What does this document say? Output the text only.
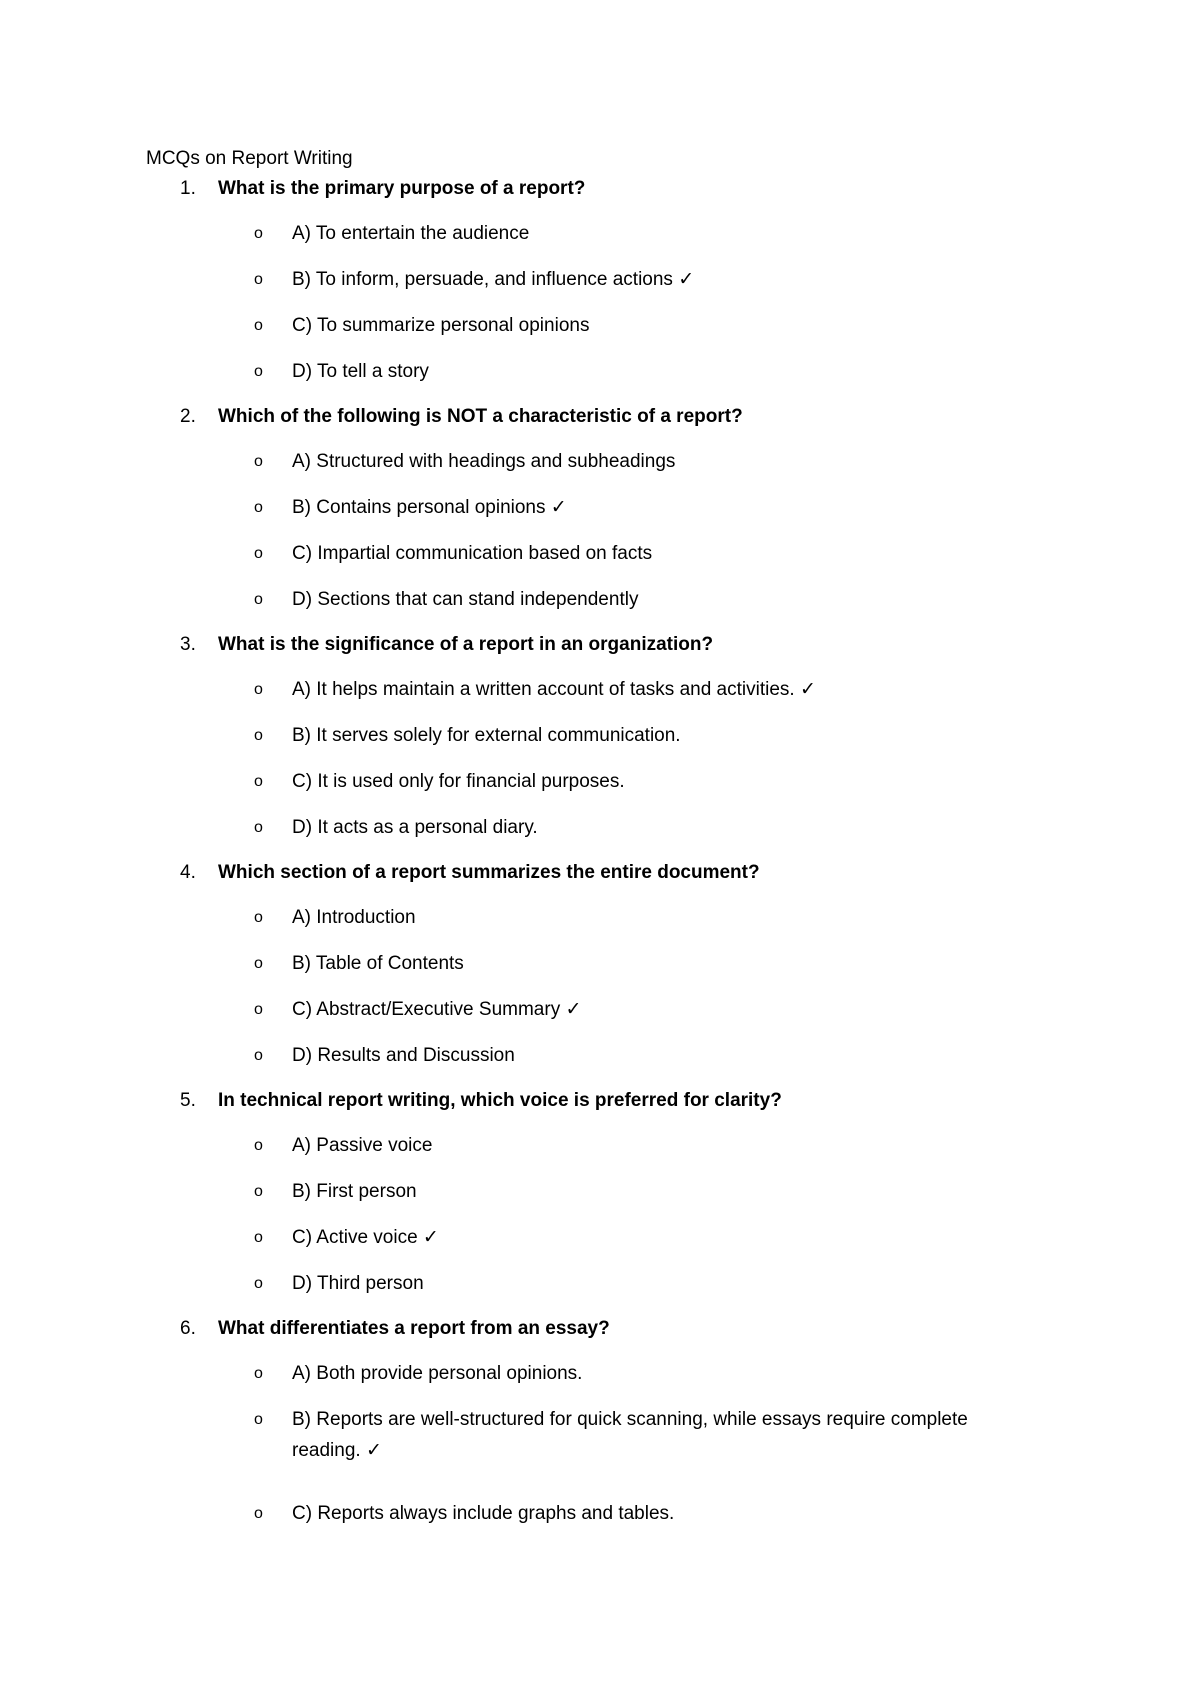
MCQs on Report Writing
1. What is the primary purpose of a report?
o A) To entertain the audience
o B) To inform, persuade, and influence actions ✓
o C) To summarize personal opinions
o D) To tell a story
2. Which of the following is NOT a characteristic of a report?
o A) Structured with headings and subheadings
o B) Contains personal opinions ✓
o C) Impartial communication based on facts
o D) Sections that can stand independently
3. What is the significance of a report in an organization?
o A) It helps maintain a written account of tasks and activities. ✓
o B) It serves solely for external communication.
o C) It is used only for financial purposes.
o D) It acts as a personal diary.
4. Which section of a report summarizes the entire document?
o A) Introduction
o B) Table of Contents
o C) Abstract/Executive Summary ✓
o D) Results and Discussion
5. In technical report writing, which voice is preferred for clarity?
o A) Passive voice
o B) First person
o C) Active voice ✓
o D) Third person
6. What differentiates a report from an essay?
o A) Both provide personal opinions.
o B) Reports are well-structured for quick scanning, while essays require complete reading. ✓
o C) Reports always include graphs and tables.
